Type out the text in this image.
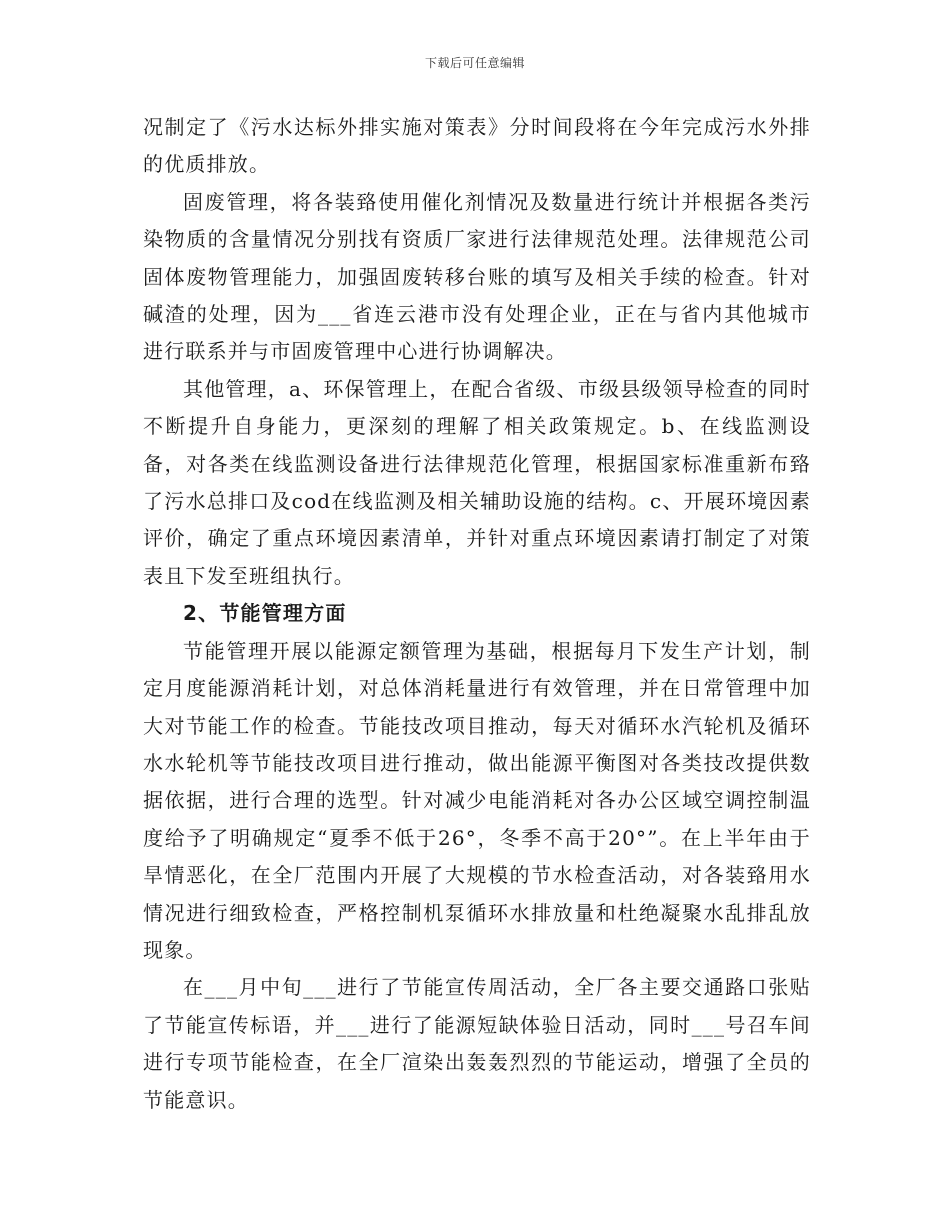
下载后可任意编辑

况制定了《污水达标外排实施对策表》分时间段将在今年完成污水外排的优质排放。

固废管理，将各装臵使用催化剂情况及数量进行统计并根据各类污染物质的含量情况分别找有资质厂家进行法律规范处理。法律规范公司固体废物管理能力，加强固废转移台账的填写及相关手续的检查。针对碱渣的处理，因为___省连云港市没有处理企业，正在与省内其他城市进行联系并与市固废管理中心进行协调解决。

其他管理，a、环保管理上，在配合省级、市级县级领导检查的同时不断提升自身能力，更深刻的理解了相关政策规定。b、在线监测设备，对各类在线监测设备进行法律规范化管理，根据国家标准重新布臵了污水总排口及cod在线监测及相关辅助设施的结构。c、开展环境因素评价，确定了重点环境因素清单，并针对重点环境因素请打制定了对策表且下发至班组执行。

2、节能管理方面

节能管理开展以能源定额管理为基础，根据每月下发生产计划，制定月度能源消耗计划，对总体消耗量进行有效管理，并在日常管理中加大对节能工作的检查。节能技改项目推动，每天对循环水汽轮机及循环水水轮机等节能技改项目进行推动，做出能源平衡图对各类技改提供数据依据，进行合理的选型。针对减少电能消耗对各办公区域空调控制温度给予了明确规定“夏季不低于26°，冬季不高于20°”。在上半年由于旱情恶化，在全厂范围内开展了大规模的节水检查活动，对各装臵用水情况进行细致检查，严格控制机泵循环水排放量和杜绝凝聚水乱排乱放现象。

在___月中旬___进行了节能宣传周活动，全厂各主要交通路口张贴了节能宣传标语，并___进行了能源短缺体验日活动，同时___号召车间进行专项节能检查，在全厂渲染出轰轰烈烈的节能运动，增强了全员的节能意识。
